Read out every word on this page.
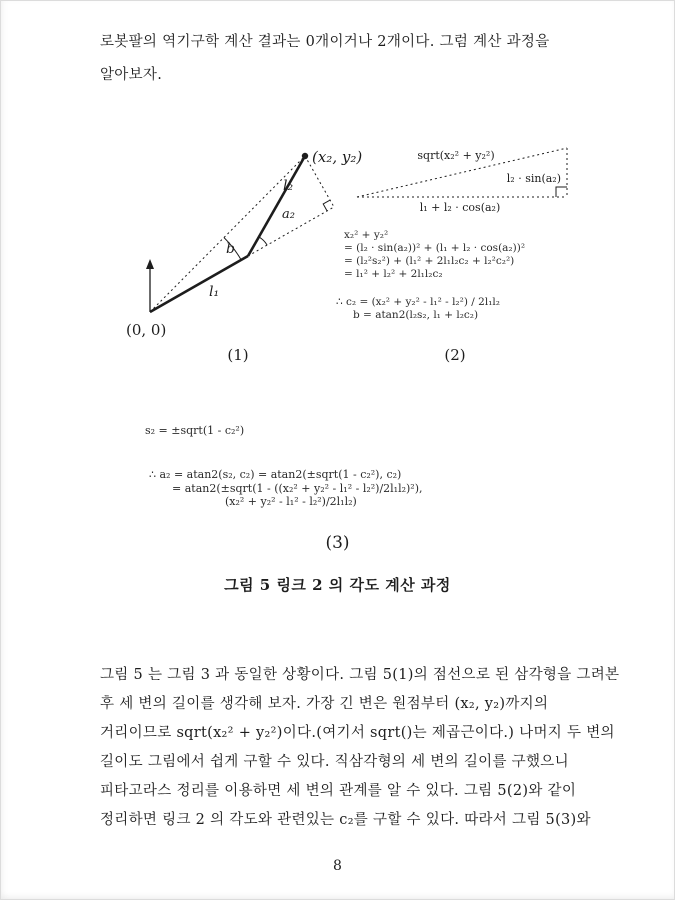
로봇팔의 역기구학 계산 결과는 0개이거나 2개이다. 그럼 계산 과정을
알아보자.
(x₂, y₂)
l₂
a₂
b
l₁
(0, 0)
(1)
sqrt(x₂² + y₂²)
l₂ · sin(a₂)
l₁ + l₂ · cos(a₂)
(2)
x₂² + y₂²
= (l₂ · sin(a₂))² + (l₁ + l₂ · cos(a₂))²
= (l₂²s₂²) + (l₁² + 2l₁l₂c₂ + l₂²c₂²)
= l₁² + l₂² + 2l₁l₂c₂
∴ c₂ = (x₂² + y₂² - l₁² - l₂²) / 2l₁l₂
b = atan2(l₂s₂, l₁ + l₂c₂)
s₂ = ±sqrt(1 - c₂²)
∴ a₂ = atan2(s₂, c₂) = atan2(±sqrt(1 - c₂²), c₂)
= atan2(±sqrt(1 - ((x₂² + y₂² - l₁² - l₂²)/2l₁l₂)²),
(x₂² + y₂² - l₁² - l₂²)/2l₁l₂)
(3)
그림 5 링크 2 의 각도 계산 과정
그림 5 는 그림 3 과 동일한 상황이다. 그림 5(1)의 점선으로 된 삼각형을 그려본
후 세 변의 길이를 생각해 보자. 가장 긴 변은 원점부터 (x₂, y₂)까지의
거리이므로 sqrt(x₂² + y₂²)이다.(여기서 sqrt()는 제곱근이다.) 나머지 두 변의
길이도 그림에서 쉽게 구할 수 있다. 직삼각형의 세 변의 길이를 구했으니
피타고라스 정리를 이용하면 세 변의 관계를 알 수 있다. 그림 5(2)와 같이
정리하면 링크 2 의 각도와 관련있는 c₂를 구할 수 있다. 따라서 그림 5(3)와
8
